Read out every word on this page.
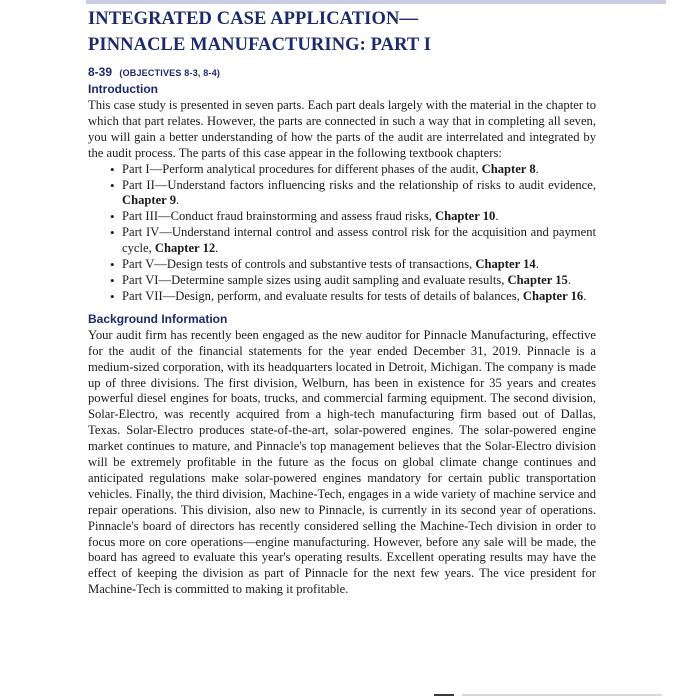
INTEGRATED CASE APPLICATION—
PINNACLE MANUFACTURING: PART I
8-39 (OBJECTIVES 8-3, 8-4)
Introduction

This case study is presented in seven parts. Each part deals largely with the material in the chapter to which that part relates. However, the parts are connected in such a way that in completing all seven, you will gain a better understanding of how the parts of the audit are interrelated and integrated by the audit process. The parts of this case appear in the following textbook chapters:

• Part I—Perform analytical procedures for different phases of the audit, Chapter 8.
• Part II—Understand factors influencing risks and the relationship of risks to audit evidence, Chapter 9.
• Part III—Conduct fraud brainstorming and assess fraud risks, Chapter 10.
• Part IV—Understand internal control and assess control risk for the acquisition and payment cycle, Chapter 12.
• Part V—Design tests of controls and substantive tests of transactions, Chapter 14.
• Part VI—Determine sample sizes using audit sampling and evaluate results, Chapter 15.
• Part VII—Design, perform, and evaluate results for tests of details of balances, Chapter 16.
Background Information

Your audit firm has recently been engaged as the new auditor for Pinnacle Manufacturing, effective for the audit of the financial statements for the year ended December 31, 2019. Pinnacle is a medium-sized corporation, with its headquarters located in Detroit, Michigan. The company is made up of three divisions. The first division, Welburn, has been in existence for 35 years and creates powerful diesel engines for boats, trucks, and commercial farming equipment. The second division, Solar-Electro, was recently acquired from a high-tech manufacturing firm based out of Dallas, Texas. Solar-Electro produces state-of-the-art, solar-powered engines. The solar-powered engine market continues to mature, and Pinnacle's top management believes that the Solar-Electro division will be extremely profitable in the future as the focus on global climate change continues and anticipated regulations make solar-powered engines mandatory for certain public transportation vehicles. Finally, the third division, Machine-Tech, engages in a wide variety of machine service and repair operations. This division, also new to Pinnacle, is currently in its second year of operations. Pinnacle's board of directors has recently considered selling the Machine-Tech division in order to focus more on core operations—engine manufacturing. However, before any sale will be made, the board has agreed to evaluate this year's operating results. Excellent operating results may have the effect of keeping the division as part of Pinnacle for the next few years. The vice president for Machine-Tech is committed to making it profitable.
